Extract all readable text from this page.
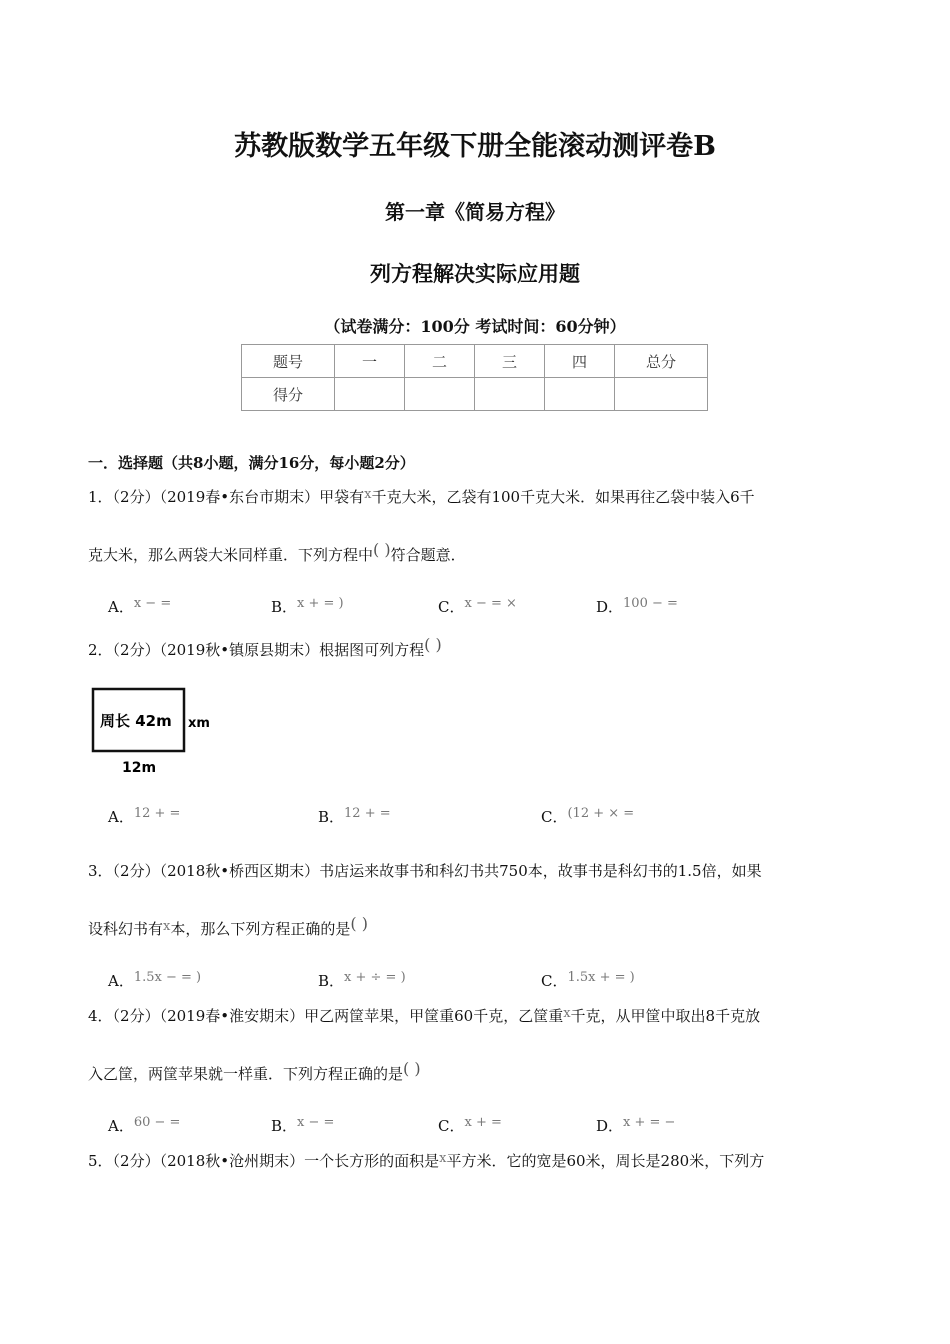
苏教版数学五年级下册全能滚动测评卷B
第一章《简易方程》
列方程解决实际应用题
（试卷满分：100分 考试时间：60分钟）
题号	一	二	三	四	总分
得分					
一．选择题（共8小题，满分16分，每小题2分）
1．（2分）（2019春•东台市期末）甲袋有x千克大米，乙袋有100千克大米．如果再往乙袋中装入6千
克大米，那么两袋大米同样重．下列方程中( )符合题意．
A．x − =	B．x + = )	C．x − = ×	D．100 − =
2．（2分）（2019秋•镇原县期末）根据图可列方程( )
周长 42m xm
12m
A．12 + =	B．12 + =	C．(12 + × =
3．（2分）（2018秋•桥西区期末）书店运来故事书和科幻书共750本，故事书是科幻书的1.5倍，如果
设科幻书有x本，那么下列方程正确的是( )
A．1.5x − = )	B．x + ÷ = )	C．1.5x + = )
4．（2分）（2019春•淮安期末）甲乙两筐苹果，甲筐重60千克，乙筐重x千克，从甲筐中取出8千克放
入乙筐，两筐苹果就一样重．下列方程正确的是( )
A．60 − =	B．x − =	C．x + =	D．x + = −
5．（2分）（2018秋•沧州期末）一个长方形的面积是x平方米．它的宽是60米，周长是280米，下列方
